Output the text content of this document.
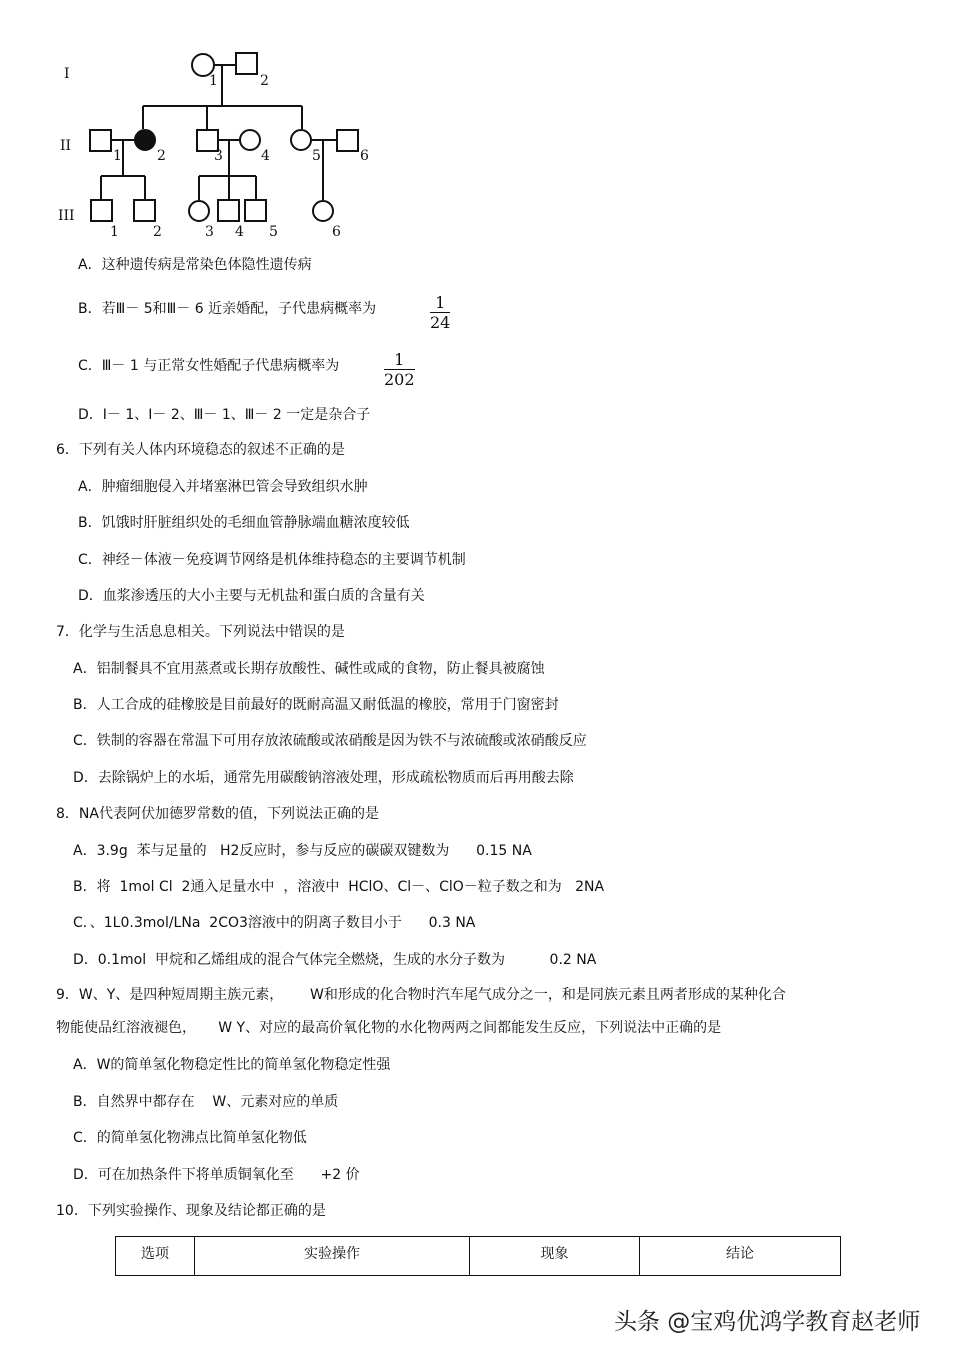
I
II
III
1	2
1	2	3	4	5	6
1 2	3 4 5	6
A．这种遗传病是常染色体隐性遗传病
B．若Ⅲ－ 5和Ⅲ－ 6 近亲婚配，子代患病概率为	$\frac{1}{24}$
C．Ⅲ－ 1 与正常女性婚配子代患病概率为	$\frac{1}{202}$
D．Ⅰ－ 1、Ⅰ－ 2、Ⅲ－ 1、Ⅲ－ 2 一定是杂合子
6．下列有关人体内环境稳态的叙述不正确的是
A．肿瘤细胞侵入并堵塞淋巴管会导致组织水肿
B．饥饿时肝脏组织处的毛细血管静脉端血糖浓度较低
C．神经－体液－免疫调节网络是机体维持稳态的主要调节机制
D．血浆渗透压的大小主要与无机盐和蛋白质的含量有关
7．化学与生活息息相关。下列说法中错误的是
A．铝制餐具不宜用蒸煮或长期存放酸性、碱性或咸的食物，防止餐具被腐蚀
B．人工合成的硅橡胶是目前最好的既耐高温又耐低温的橡胶，常用于门窗密封
C．铁制的容器在常温下可用存放浓硫酸或浓硝酸是因为铁不与浓硫酸或浓硝酸反应
D．去除锅炉上的水垢，通常先用碳酸钠溶液处理，形成疏松物质而后再用酸去除
8．NA代表阿伏加德罗常数的值，下列说法正确的是
A．3.9g  苯与足量的   H2反应时，参与反应的碳碳双键数为      0.15 NA
B．将  1mol Cl  2通入足量水中  ，溶液中  HClO、Cl－、ClO－粒子数之和为   2NA
C．、1L0.3mol/LNa  2CO3溶液中的阴离子数目小于      0.3 NA
D．0.1mol  甲烷和乙烯组成的混合气体完全燃烧，生成的水分子数为          0.2 NA
9．W、Y、是四种短周期主族元素，      W和形成的化合物时汽车尾气成分之一，和是同族元素且两者形成的某种化合
物能使品红溶液褪色，     W Y、对应的最高价氧化物的水化物两两之间都能发生反应，下列说法中正确的是
A．W的简单氢化物稳定性比的简单氢化物稳定性强
B．自然界中都存在    W、元素对应的单质
C．的简单氢化物沸点比简单氢化物低
D．可在加热条件下将单质铜氧化至      +2 价
10．下列实验操作、现象及结论都正确的是
选项	实验操作	现象	结论
头条 @宝鸡优鸿学教育赵老师
